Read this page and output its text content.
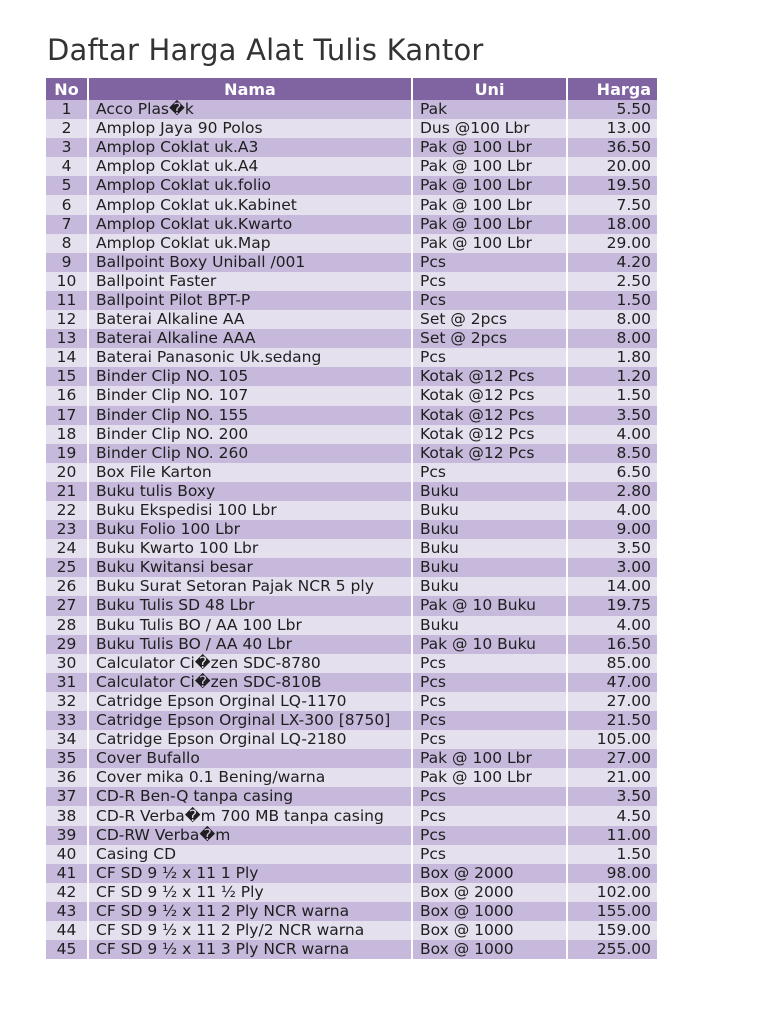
Daftar Harga Alat Tulis Kantor
No	Nama	Uni	Harga
1	Acco Plas�k	Pak	5.50
2	Amplop Jaya 90 Polos	Dus @100 Lbr	13.00
3	Amplop Coklat uk.A3	Pak @ 100 Lbr	36.50
4	Amplop Coklat uk.A4	Pak @ 100 Lbr	20.00
5	Amplop Coklat uk.folio	Pak @ 100 Lbr	19.50
6	Amplop Coklat uk.Kabinet	Pak @ 100 Lbr	7.50
7	Amplop Coklat uk.Kwarto	Pak @ 100 Lbr	18.00
8	Amplop Coklat uk.Map	Pak @ 100 Lbr	29.00
9	Ballpoint Boxy Uniball /001	Pcs	4.20
10	Ballpoint Faster	Pcs	2.50
11	Ballpoint Pilot BPT-P	Pcs	1.50
12	Baterai Alkaline AA	Set @ 2pcs	8.00
13	Baterai Alkaline AAA	Set @ 2pcs	8.00
14	Baterai Panasonic Uk.sedang	Pcs	1.80
15	Binder Clip NO. 105	Kotak @12 Pcs	1.20
16	Binder Clip NO. 107	Kotak @12 Pcs	1.50
17	Binder Clip NO. 155	Kotak @12 Pcs	3.50
18	Binder Clip NO. 200	Kotak @12 Pcs	4.00
19	Binder Clip NO. 260	Kotak @12 Pcs	8.50
20	Box File Karton	Pcs	6.50
21	Buku tulis Boxy	Buku	2.80
22	Buku Ekspedisi 100 Lbr	Buku	4.00
23	Buku Folio 100 Lbr	Buku	9.00
24	Buku Kwarto 100 Lbr	Buku	3.50
25	Buku Kwitansi besar	Buku	3.00
26	Buku Surat Setoran Pajak NCR 5 ply	Buku	14.00
27	Buku Tulis SD 48 Lbr	Pak @ 10 Buku	19.75
28	Buku Tulis BO / AA 100 Lbr	Buku	4.00
29	Buku Tulis BO / AA 40 Lbr	Pak @ 10 Buku	16.50
30	Calculator Ci�zen SDC-8780	Pcs	85.00
31	Calculator Ci�zen SDC-810B	Pcs	47.00
32	Catridge Epson Orginal LQ-1170	Pcs	27.00
33	Catridge Epson Orginal LX-300 [8750]	Pcs	21.50
34	Catridge Epson Orginal LQ-2180	Pcs	105.00
35	Cover Bufallo	Pak @ 100 Lbr	27.00
36	Cover mika 0.1 Bening/warna	Pak @ 100 Lbr	21.00
37	CD-R Ben-Q tanpa casing	Pcs	3.50
38	CD-R Verba�m 700 MB tanpa casing	Pcs	4.50
39	CD-RW Verba�m	Pcs	11.00
40	Casing CD	Pcs	1.50
41	CF SD 9 ½ x 11 1 Ply	Box @ 2000	98.00
42	CF SD 9 ½ x 11 ½ Ply	Box @ 2000	102.00
43	CF SD 9 ½ x 11 2 Ply NCR warna	Box @ 1000	155.00
44	CF SD 9 ½ x 11 2 Ply/2 NCR warna	Box @ 1000	159.00
45	CF SD 9 ½ x 11 3 Ply NCR warna	Box @ 1000	255.00
